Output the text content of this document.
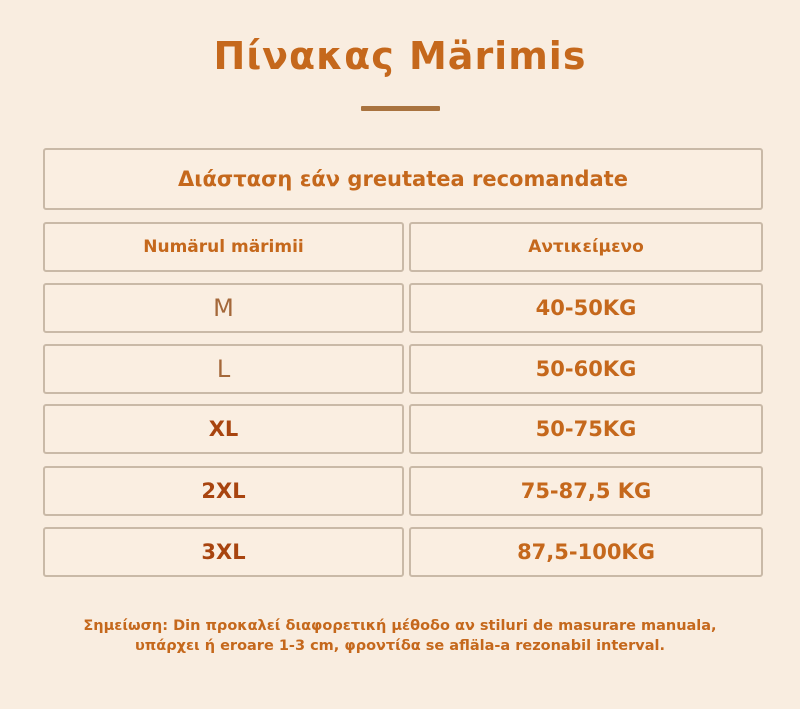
Πίνακας Märimis
Διάσταση εάν greutatea recomandate
Numärul märimii	Αντικείμενο
M	40-50KG
L	50-60KG
XL	50-75KG
2XL	75-87,5 KG
3XL	87,5-100KG
Σημείωση: Din προκαλεί διαφορετική μέθοδο αν stiluri de masurare manuala,
υπάρχει ή eroare 1-3 cm, φροντίδα se afläla-a rezonabil interval.
